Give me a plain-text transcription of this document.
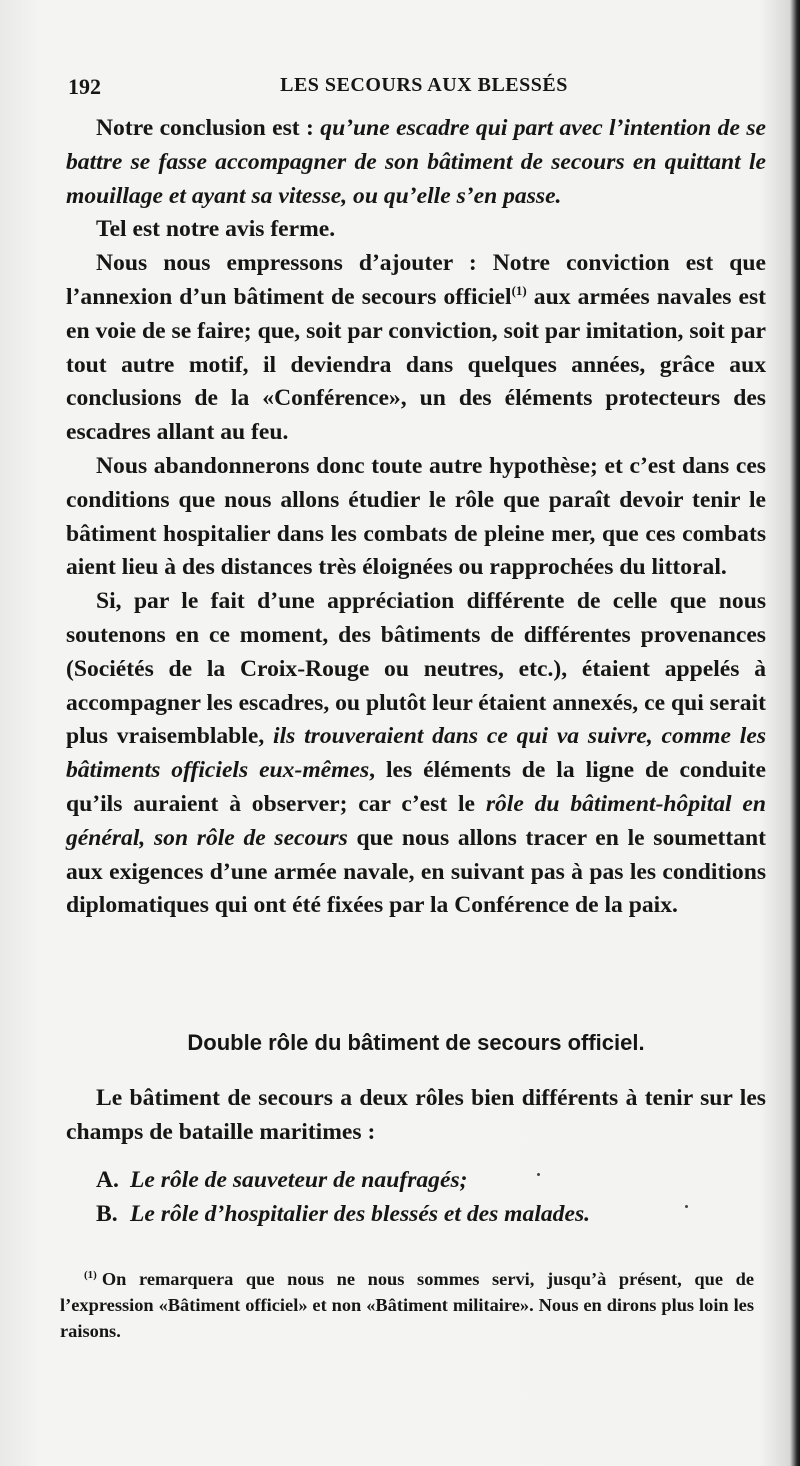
192	LES SECOURS AUX BLESSÉS

Notre conclusion est : qu’une escadre qui part avec l’intention de se battre se fasse accompagner de son bâtiment de secours en quittant le mouillage et ayant sa vitesse, ou qu’elle s’en passe.

Tel est notre avis ferme.

Nous nous empressons d’ajouter : Notre conviction est que l’annexion d’un bâtiment de secours officiel$^{(1)}$ aux armées navales est en voie de se faire; que, soit par conviction, soit par imitation, soit par tout autre motif, il deviendra dans quelques années, grâce aux conclusions de la «Conférence», un des éléments protecteurs des escadres allant au feu.

Nous abandonnerons donc toute autre hypothèse; et c’est dans ces conditions que nous allons étudier le rôle que paraît devoir tenir le bâtiment hospitalier dans les combats de pleine mer, que ces combats aient lieu à des distances très éloignées ou rapprochées du littoral.

Si, par le fait d’une appréciation différente de celle que nous soutenons en ce moment, des bâtiments de différentes provenances (Sociétés de la Croix-Rouge ou neutres, etc.), étaient appelés à accompagner les escadres, ou plutôt leur étaient annexés, ce qui serait plus vraisemblable, ils trouveraient dans ce qui va suivre, comme les bâtiments officiels eux-mêmes, les éléments de la ligne de conduite qu’ils auraient à observer; car c’est le rôle du bâtiment-hôpital en général, son rôle de secours que nous allons tracer en le soumettant aux exigences d’une armée navale, en suivant pas à pas les conditions diplomatiques qui ont été fixées par la Conférence de la paix.

Double rôle du bâtiment de secours officiel.

Le bâtiment de secours a deux rôles bien différents à tenir sur les champs de bataille maritimes :

A. Le rôle de sauveteur de naufragés;
B. Le rôle d’hospitalier des blessés et des malades.

$^{(1)}$ On remarquera que nous ne nous sommes servi, jusqu’à présent, que de l’expression «Bâtiment officiel» et non «Bâtiment militaire». Nous en dirons plus loin les raisons.
